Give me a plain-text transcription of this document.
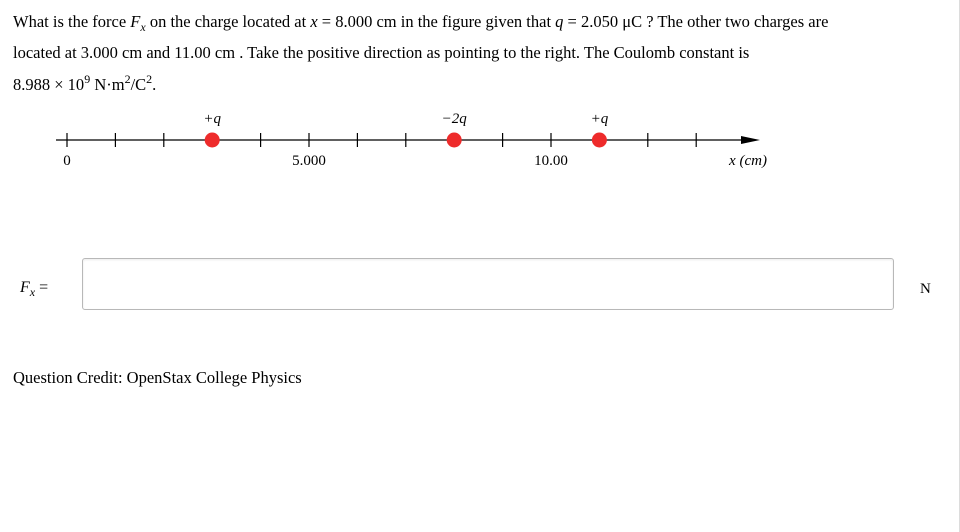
What is the force $F_x$ on the charge located at x = 8.000 cm in the figure given that q = 2.050 μC ? The other two charges are
located at 3.000 cm and 11.00 cm . Take the positive direction as pointing to the right. The Coulomb constant is
$8.988 \times 10^9$ $N\cdot m^2/C^2$.
0	5.000	10.00	x (cm)
+q	−2q	+q
$F_x$ =	N
Question Credit: OpenStax College Physics
